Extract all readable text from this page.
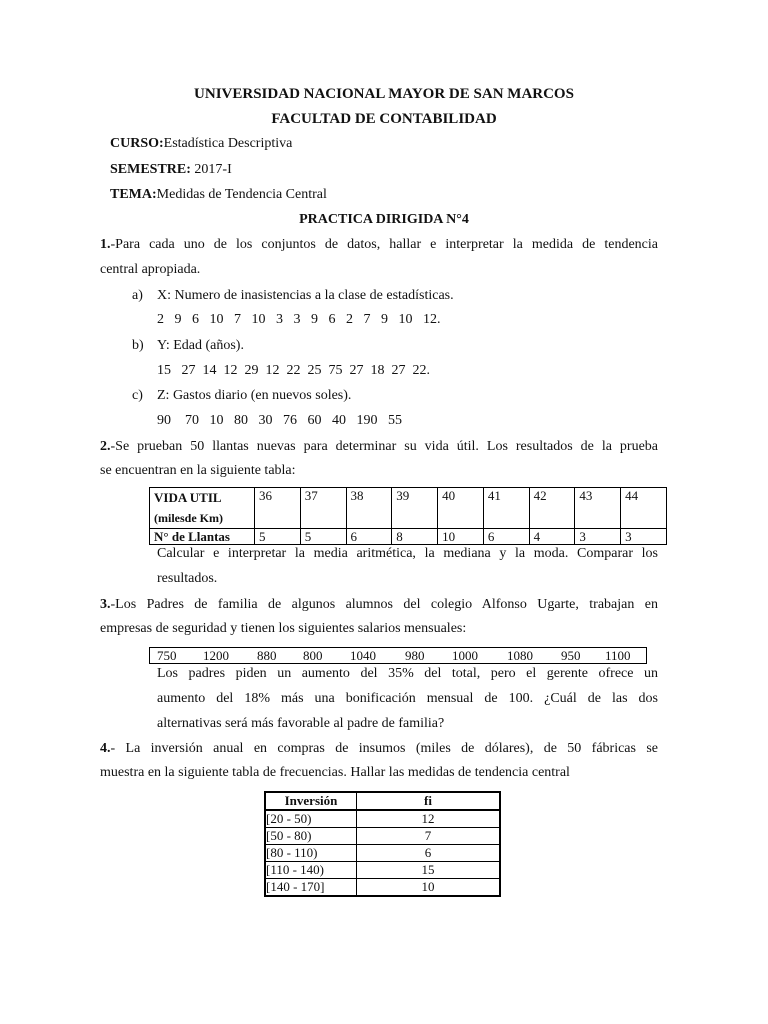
UNIVERSIDAD NACIONAL MAYOR DE SAN MARCOS
FACULTAD DE CONTABILIDAD
CURSO:Estadística Descriptiva
SEMESTRE: 2017-I
TEMA:Medidas de Tendencia Central
PRACTICA DIRIGIDA N°4
1.-Para cada uno de los conjuntos de datos, hallar e interpretar la medida de tendencia
central apropiada.
a) X: Numero de inasistencias a la clase de estadísticas.
2   9   6   10   7   10   3   3   9   6   2   7   9   10   12.
b) Y: Edad (años).
15   27  14  12  29  12  22  25  75  27  18  27  22.
c) Z: Gastos diario (en nuevos soles).
90    70   10   80   30   76   60   40   190   55
2.-Se prueban 50 llantas nuevas para determinar su vida útil. Los resultados de la prueba
se encuentran en la siguiente tabla:
VIDA UTIL
(milesde Km)	36	37	38	39	40	41	42	43	44
N° de Llantas	5	5	6	8	10	6	4	3	3
Calcular e interpretar la media aritmética, la mediana y la moda. Comparar los
resultados.
3.-Los Padres de familia de algunos alumnos del colegio Alfonso Ugarte, trabajan en
empresas de seguridad y tienen los siguientes salarios mensuales:
750 1200 880 800 1040 980 1000 1080 950 1100
Los padres piden un aumento del 35% del total, pero el gerente ofrece un
aumento del 18% más una bonificación mensual de 100. ¿Cuál de las dos
alternativas será más favorable al padre de familia?
4.- La inversión anual en compras de insumos (miles de dólares), de 50 fábricas se
muestra en la siguiente tabla de frecuencias. Hallar las medidas de tendencia central
Inversión	fi
[20 - 50)	12
[50 - 80)	7
[80 - 110)	6
[110 - 140)	15
[140 - 170]	10
